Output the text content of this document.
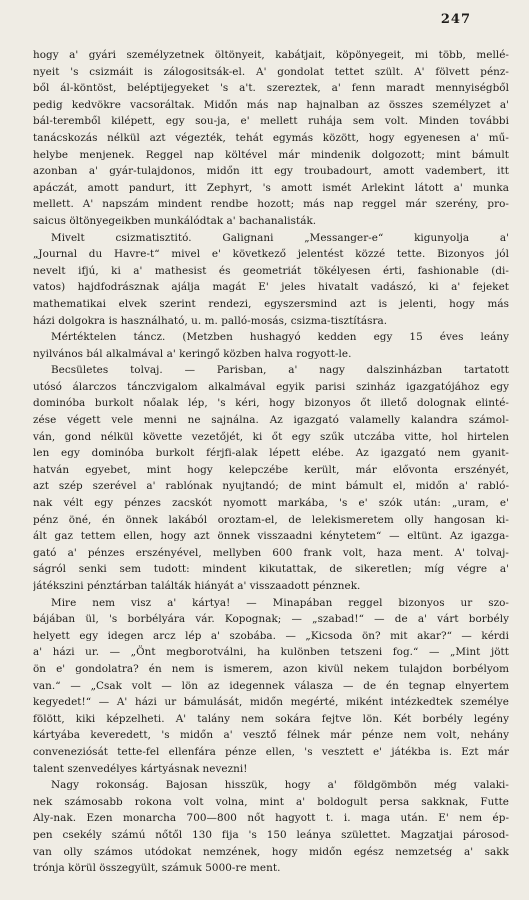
247
hogy a' gyári személyzetnek öltönyeit, kabátjait, köpönyegeit, mi több, mellé-
nyeit 's csizmáit is zálogositsák-el. A' gondolat tettet szült. A' fölvett pénz-
ből ál-köntöst, beléptijegyeket 's a't. szereztek, a' fenn maradt mennyiségből
pedig kedvökre vacsoráltak. Midőn más nap hajnalban az összes személyzet a'
bál-teremből kilépett, egy sou-ja, e' mellett ruhája sem volt. Minden további
tanácskozás nélkül azt végezték, tehát egymás között, hogy egyenesen a' mű-
helybe menjenek. Reggel nap költével már mindenik dolgozott; mint bámult
azonban a' gyár-tulajdonos, midőn itt egy troubadourt, amott vadembert, itt
apáczát, amott pandurt, itt Zephyrt, 's amott ismét Arlekint látott a' munka
mellett. A' napszám mindent rendbe hozott; más nap reggel már szerény, pro-
saicus öltönyegeikben munkálódtak a' bachanalisták.
Mivelt csizmatisztitó. Galignani „Messanger-e“ kigunyolja a'
„Journal du Havre-t“ mivel e' következő jelentést közzé tette. Bizonyos jól
nevelt ifjú, ki a' mathesist és geometriát tökélyesen érti, fashionable (di-
vatos) hajdfodrásznak ajálja magát E' jeles hivatalt vadászó, ki a' fejeket
mathematikai elvek szerint rendezi, egyszersmind azt is jelenti, hogy más
házi dolgokra is használható, u. m. palló-mosás, csizma-tisztításra.
Mértéktelen táncz. (Metzben hushagyó kedden egy 15 éves leány
nyilvános bál alkalmával a' keringő közben halva rogyott-le.
Becsületes tolvaj. — Parisban, a' nagy dalszinházban tartatott
utósó álarczos tánczvigalom alkalmával egyik parisi szinház igazgatójához egy
dominóba burkolt nőalak lép, 's kéri, hogy bizonyos őt illető dolognak elinté-
zése végett vele menni ne sajnálna. Az igazgató valamelly kalandra számol-
ván, gond nélkül követte vezetőjét, ki őt egy szűk utczába vitte, hol hirtelen
len egy dominóba burkolt férjfi-alak lépett elébe. Az igazgató nem gyanit-
hatván egyebet, mint hogy kelepczébe került, már elővonta erszényét,
azt szép szerével a' rablónak nyujtandó; de mint bámult el, midőn a' rabló-
nak vélt egy pénzes zacskót nyomott markába, 's e' szók után: „uram, e'
pénz öné, én önnek lakából oroztam-el, de lelekismeretem olly hangosan ki-
ált gaz tettem ellen, hogy azt önnek visszaadni kénytetem“ — eltünt. Az igazga-
gató a' pénzes erszényével, mellyben 600 frank volt, haza ment. A' tolvaj-
ságról senki sem tudott: mindent kikutattak, de sikeretlen; míg végre a'
játékszini pénztárban találták hiányát a' visszaadott pénznek.
Mire nem visz a' kártya! — Minapában reggel bizonyos ur szo-
bájában ül, 's borbélyára vár. Kopognak; — „szabad!“ — de a' várt borbély
helyett egy idegen arcz lép a' szobába. — „Kicsoda ön? mit akar?“ — kérdi
a' házi ur. — „Önt megborotválni, ha kulönben tetszeni fog.“ — „Mint jött
ön e' gondolatra? én nem is ismerem, azon kivül nekem tulajdon borbélyom
van.“ — „Csak volt — lön az idegennek válasza — de én tegnap elnyertem
kegyedet!“ — A' házi ur bámulását, midőn megérté, miként intézkedtek személye
fölött, kiki képzelheti. A' talány nem sokára fejtve lön. Két borbély legény
kártyába keveredett, 's midőn a' vesztő félnek már pénze nem volt, nehány
conveneziósát tette-fel ellenfára pénze ellen, 's vesztett e' játékba is. Ezt már
talent szenvedélyes kártyásnak nevezni!
Nagy rokonság. Bajosan hisszük, hogy a' földgömbön még valaki-
nek számosabb rokona volt volna, mint a' boldogult persa sakknak, Futte
Aly-nak. Ezen monarcha 700—800 nőt hagyott t. i. maga után. E' nem ép-
pen csekély számú nőtől 130 fija 's 150 leánya születtet. Magzatjai párosod-
van olly számos utódokat nemzének, hogy midőn egész nemzetség a' sakk
trónja körül összegyült, számuk 5000-re ment.
